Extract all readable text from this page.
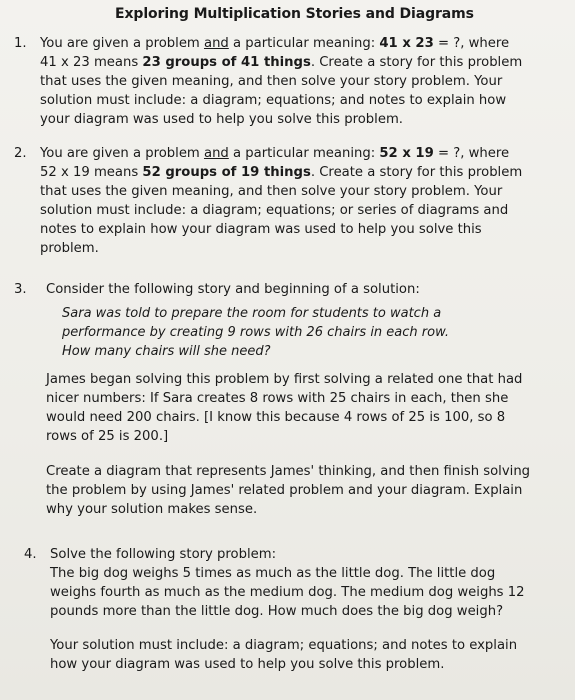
Exploring Multiplication Stories and Diagrams
1. You are given a problem and a particular meaning: 41 x 23 = ?, where
41 x 23 means 23 groups of 41 things. Create a story for this problem
that uses the given meaning, and then solve your story problem. Your
solution must include: a diagram; equations; and notes to explain how
your diagram was used to help you solve this problem.
2. You are given a problem and a particular meaning: 52 x 19 = ?, where
52 x 19 means 52 groups of 19 things. Create a story for this problem
that uses the given meaning, and then solve your story problem. Your
solution must include: a diagram; equations; or series of diagrams and
notes to explain how your diagram was used to help you solve this
problem.
3. Consider the following story and beginning of a solution:
Sara was told to prepare the room for students to watch a
performance by creating 9 rows with 26 chairs in each row.
How many chairs will she need?
James began solving this problem by first solving a related one that had
nicer numbers: If Sara creates 8 rows with 25 chairs in each, then she
would need 200 chairs. [I know this because 4 rows of 25 is 100, so 8
rows of 25 is 200.]
Create a diagram that represents James' thinking, and then finish solving
the problem by using James' related problem and your diagram. Explain
why your solution makes sense.
4. Solve the following story problem:
The big dog weighs 5 times as much as the little dog. The little dog
weighs fourth as much as the medium dog. The medium dog weighs 12
pounds more than the little dog. How much does the big dog weigh?
Your solution must include: a diagram; equations; and notes to explain
how your diagram was used to help you solve this problem.
